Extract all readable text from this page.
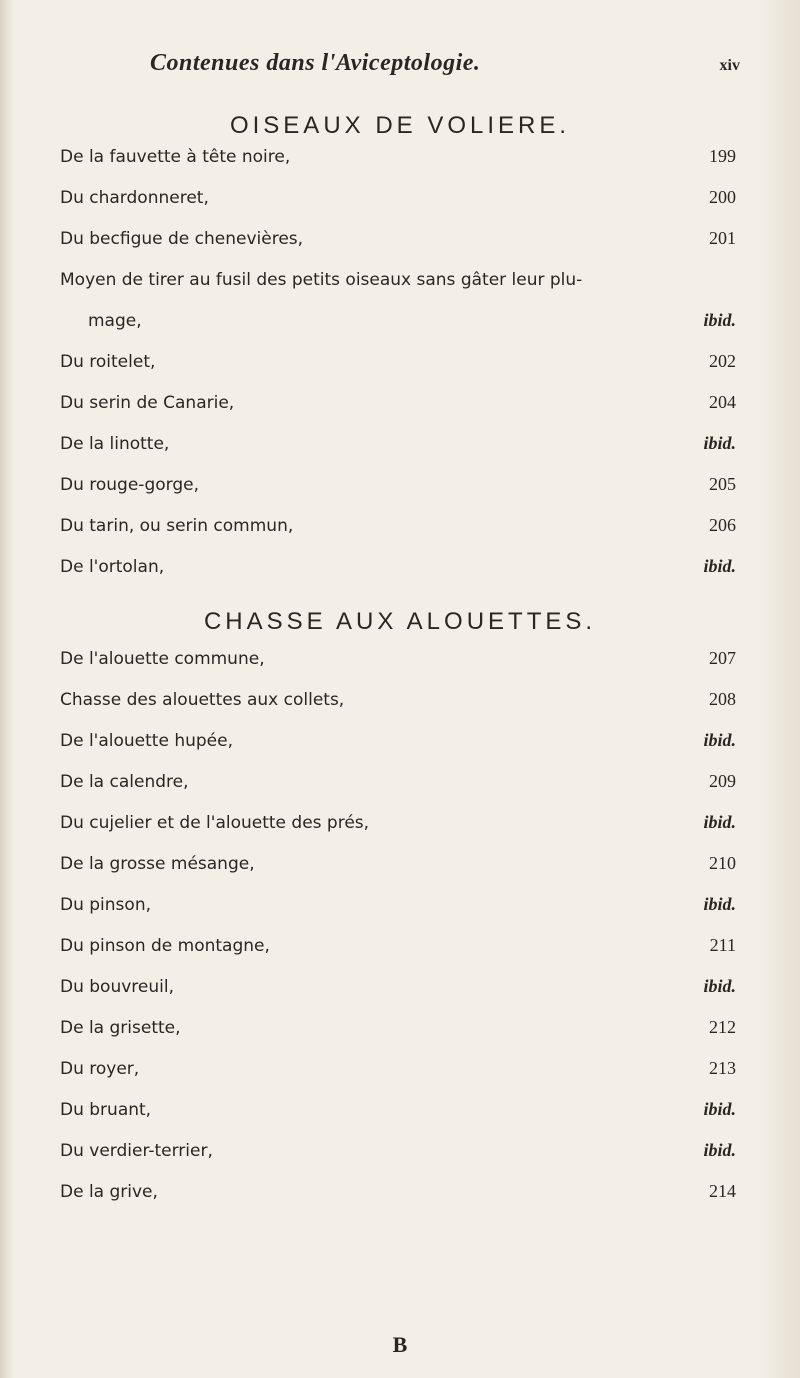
Contenues dans l'Aviceptologie.	xiv
OISEAUX DE VOLIERE.
De la fauvette à tête noire,	199
Du chardonneret,	200
Du becfigue de chenevières,	201
Moyen de tirer au fusil des petits oiseaux sans gâter leur plu-
mage,	ibid.
Du roitelet,	202
Du serin de Canarie,	204
De la linotte,	ibid.
Du rouge-gorge,	205
Du tarin, ou serin commun,	206
De l'ortolan,	ibid.
CHASSE AUX ALOUETTES.
De l'alouette commune,	207
Chasse des alouettes aux collets,	208
De l'alouette hupée,	ibid.
De la calendre,	209
Du cujelier et de l'alouette des prés,	ibid.
De la grosse mésange,	210
Du pinson,	ibid.
Du pinson de montagne,	211
Du bouvreuil,	ibid.
De la grisette,	212
Du royer,	213
Du bruant,	ibid.
Du verdier-terrier,	ibid.
De la grive,	214
B
